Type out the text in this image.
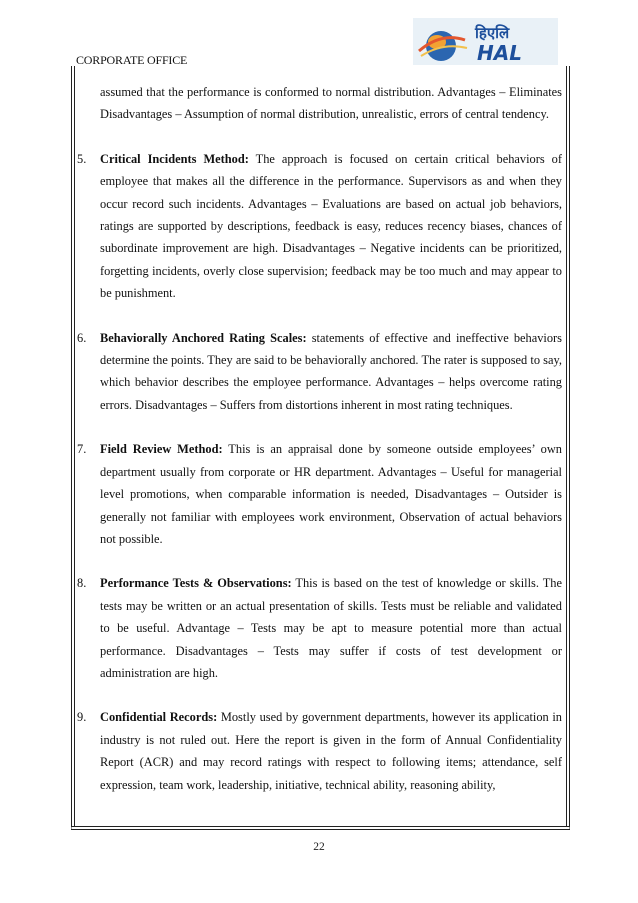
CORPORATE OFFICE
हिएलि
HAL

assumed that the performance is conformed to normal distribution. Advantages – Eliminates Disadvantages – Assumption of normal distribution, unrealistic, errors of central tendency.

5. Critical Incidents Method: The approach is focused on certain critical behaviors of employee that makes all the difference in the performance. Supervisors as and when they occur record such incidents. Advantages – Evaluations are based on actual job behaviors, ratings are supported by descriptions, feedback is easy, reduces recency biases, chances of subordinate improvement are high. Disadvantages – Negative incidents can be prioritized, forgetting incidents, overly close supervision; feedback may be too much and may appear to be punishment.

6. Behaviorally Anchored Rating Scales: statements of effective and ineffective behaviors determine the points. They are said to be behaviorally anchored. The rater is supposed to say, which behavior describes the employee performance. Advantages – helps overcome rating errors. Disadvantages – Suffers from distortions inherent in most rating techniques.

7. Field Review Method: This is an appraisal done by someone outside employees’ own department usually from corporate or HR department. Advantages – Useful for managerial level promotions, when comparable information is needed, Disadvantages – Outsider is generally not familiar with employees work environment, Observation of actual behaviors not possible.

8. Performance Tests & Observations: This is based on the test of knowledge or skills. The tests may be written or an actual presentation of skills. Tests must be reliable and validated to be useful. Advantage – Tests may be apt to measure potential more than actual performance. Disadvantages – Tests may suffer if costs of test development or administration are high.

9. Confidential Records: Mostly used by government departments, however its application in industry is not ruled out. Here the report is given in the form of Annual Confidentiality Report (ACR) and may record ratings with respect to following items; attendance, self expression, team work, leadership, initiative, technical ability, reasoning ability,

22
